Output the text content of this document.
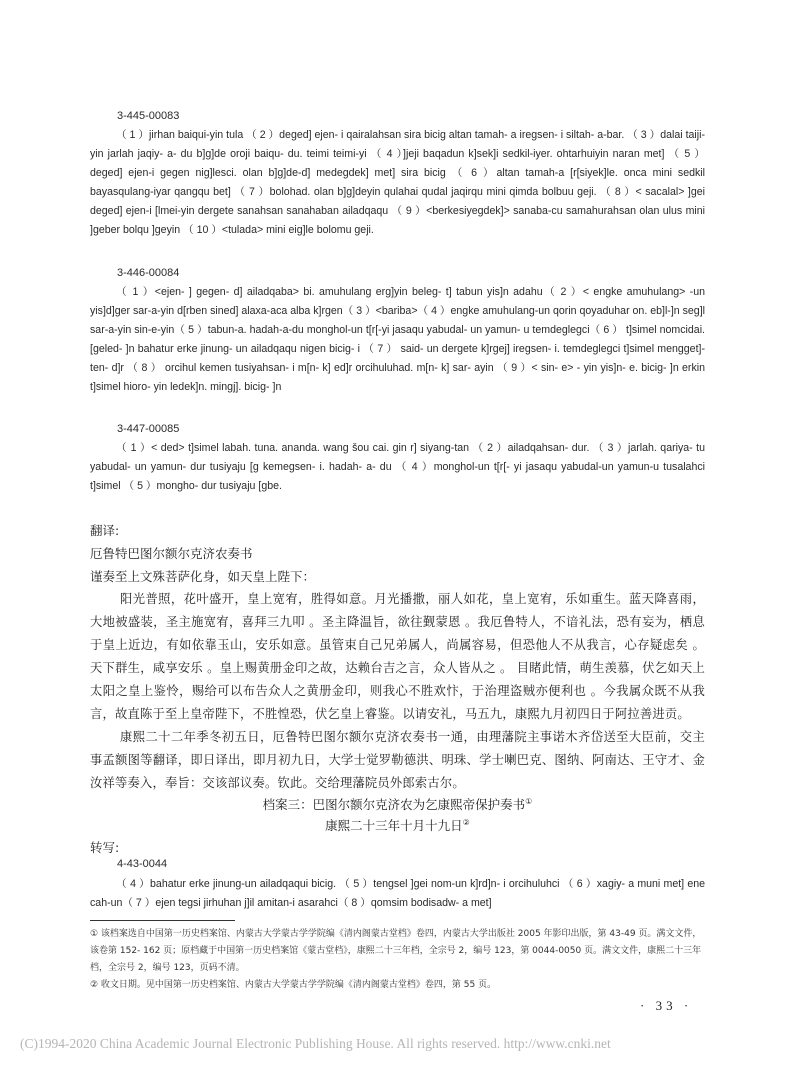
3-445-00083

（ 1 ）jirhan baiqui-yin tula （ 2 ）deged] ejen- i qairalahsan sira bicig altan tamah- a iregsen- i siltah- a-bar. （ 3 ）dalai taiji-yin jarlah jaqiy- a- du b]g]de oroji baiqu- du. teimi teimi-yi （ 4 ）]jeji baqadun k]sek]i sedkil-iyer. ohtarhuiyin naran met] （ 5 ）deged] ejen-i gegen nig]lesci. olan b]g]de-d] medegdek] met] sira bicig （ 6 ）altan tamah-a [r[siyek]le. onca mini sedkil bayasqulang-iyar qangqu bet] （ 7 ）bolohad. olan b]g]deyin qulahai qudal jaqirqu mini qimda bolbuu geji. （ 8 ）< sacalal> ]gei deged] ejen-i [lmei-yin dergete sanahsan sanahaban ailadqaqu （ 9 ）<berkesiyegdek]> sanaba-cu samahurahsan olan ulus mini ]geber bolqu ]geyin （ 10 ）<tulada> mini eig]le bolomu geji.

3-446-00084

（ 1 ）<ejen- ] gegen- d] ailadqaba> bi. amuhulang erg]yin beleg- t] tabun yis]n adahu（ 2 ）< engke amuhulang> -un yis]d]ger sar-a-yin d[rben sined] alaxa-aca alba k]rgen（ 3 ）<bariba>（ 4 ）engke amuhulang-un qorin qoyaduhar on. eb]l-]n seg]l sar-a-yin sin-e-yin（ 5 ）tabun-a. hadah-a-du monghol-un t[r[-yi jasaqu yabudal- un yamun- u temdeglegci（ 6 ） t]simel nomcidai. [geled- ]n bahatur erke jinung- un ailadqaqu nigen bicig- i （ 7 ） said- un dergete k]rgej] iregsen- i. temdeglegci t]simel mengget]- ten- d]r （ 8 ） orcihul kemen tusiyahsan- i m[n- k] ed]r orcihuluhad. m[n- k] sar- ayin （ 9 ）< sin- e> - yin yis]n- e. bicig- ]n erkin t]simel hioro- yin ledek]n. mingj]. bicig- ]n

3-447-00085

（ 1 ）< ded> t]simel labah. tuna. ananda. wang šou cai. gin r] siyang-tan （ 2 ）ailadqahsan- dur. （ 3 ）jarlah. qariya- tu yabudal- un yamun- dur tusiyaju [g kemegsen- i. hadah- a- du （ 4 ）monghol-un t[r[- yi jasaqu yabudal-un yamun-u tusalahci t]simel （ 5 ）mongho- dur tusiyaju [gbe.

翻译:
厄鲁特巴图尔额尔克济农奏书
谨奏至上文殊菩萨化身，如天皇上陛下：

阳光普照，花叶盛开，皇上宽宥，胜得如意。月光播撒，丽人如花，皇上宽宥，乐如重生。蓝天降喜雨，大地被盛装，圣主施宽宥，喜拜三九叩 。圣主降温旨，欲往觐蒙恩 。我厄鲁特人，不谙礼法，恐有妄为，栖息于皇上近边，有如依靠玉山，安乐如意。虽管束自己兄弟属人，尚属容易，但恐他人不从我言，心存疑虑矣 。天下群生，咸享安乐 。皇上赐黄册金印之故，达赖台吉之言，众人皆从之 。 目睹此情，萌生羡慕，伏乞如天上太阳之皇上鉴怜，赐给可以布告众人之黄册金印，则我心不胜欢忭，于治理盗贼亦便利也 。今我属众既不从我言，故直陈于至上皇帝陛下，不胜惶恐，伏乞皇上睿鉴。以请安礼，马五九，康熙九月初四日于阿拉善进贡。

康熙二十二年季冬初五日，厄鲁特巴图尔额尔克济农奏书一通，由理藩院主事诺木齐岱送至大臣前，交主事孟额图等翻译，即日译出，即月初九日，大学士觉罗勒德洪、明珠、学士喇巴克、图纳、阿南达、王守才、金汝祥等奏入，奉旨：交该部议奏。钦此。交给理藩院员外郎索古尔。

档案三：巴图尔额尔克济农为乞康熙帝保护奏书①
康熙二十三年十月十九日②
转写:
4-43-0044

（ 4 ）bahatur erke jinung-un ailadqaqui bicig. （ 5 ）tengsel ]gei nom-un k]rd]n- i orcihuluhci （ 6 ）xagiy- a muni met] ene cah-un（ 7 ）ejen tegsi jirhuhan j]il amitan-i asarahci（ 8 ）qomsim bodisadw- a met]

① 该档案选自中国第一历史档案馆、内蒙古大学蒙古学学院编《清内阁蒙古堂档》卷四，内蒙古大学出版社 2005 年影印出版，第 43-49 页。满文文件，该卷第 152- 162 页；原档藏于中国第一历史档案馆《蒙古堂档》，康熙二十三年档，全宗号 2，编号 123，第 0044-0050 页。满文文件，康熙二十三年档，全宗号 2，编号 123，页码不清。

② 收文日期。见中国第一历史档案馆、内蒙古大学蒙古学学院编《清内阁蒙古堂档》卷四，第 55 页。

· 33 ·
(C)1994-2020 China Academic Journal Electronic Publishing House. All rights reserved. http://www.cnki.net
